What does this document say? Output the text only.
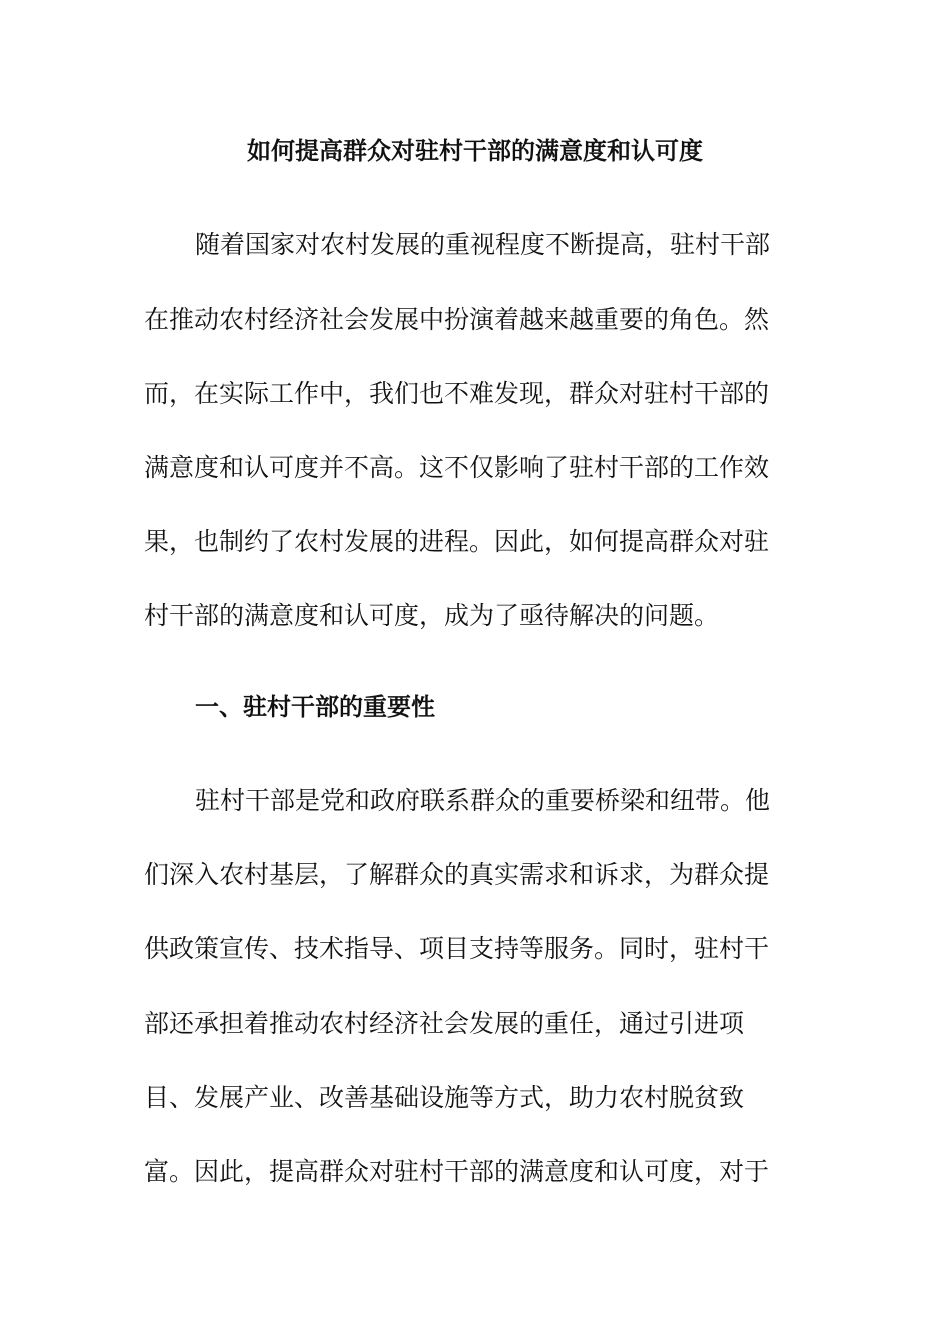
如何提高群众对驻村干部的满意度和认可度

随着国家对农村发展的重视程度不断提高，驻村干部

在推动农村经济社会发展中扮演着越来越重要的角色。然

而，在实际工作中，我们也不难发现，群众对驻村干部的

满意度和认可度并不高。这不仅影响了驻村干部的工作效

果，也制约了农村发展的进程。因此，如何提高群众对驻

村干部的满意度和认可度，成为了亟待解决的问题。

一、驻村干部的重要性

驻村干部是党和政府联系群众的重要桥梁和纽带。他

们深入农村基层，了解群众的真实需求和诉求，为群众提

供政策宣传、技术指导、项目支持等服务。同时，驻村干

部还承担着推动农村经济社会发展的重任，通过引进项

目、发展产业、改善基础设施等方式，助力农村脱贫致

富。因此，提高群众对驻村干部的满意度和认可度，对于
